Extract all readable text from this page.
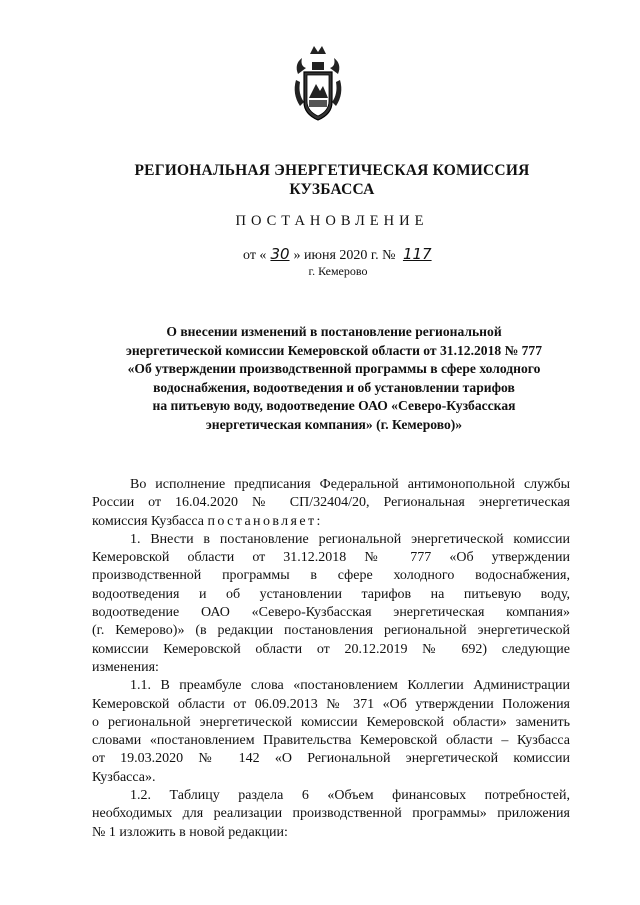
РЕГИОНАЛЬНАЯ ЭНЕРГЕТИЧЕСКАЯ КОМИССИЯ
КУЗБАССА
ПОСТАНОВЛЕНИЕ
от « 30 » июня 2020 г. № 117
г. Кемерово
О внесении изменений в постановление региональной
энергетической комиссии Кемеровской области от 31.12.2018 № 777
«Об утверждении производственной программы в сфере холодного
водоснабжения, водоотведения и об установлении тарифов
на питьевую воду, водоотведение ОАО «Северо-Кузбасская
энергетическая компания» (г. Кемерово)»

Во исполнение предписания Федеральной антимонопольной службы

России от 16.04.2020 № СП/32404/20, Региональная энергетическая

комиссия Кузбасса постановляет:

1. Внести в постановление региональной энергетической комиссии

Кемеровской области от 31.12.2018 № 777 «Об утверждении

производственной программы в сфере холодного водоснабжения,

водоотведения и об установлении тарифов на питьевую воду,

водоотведение ОАО «Северо-Кузбасская энергетическая компания»

(г. Кемерово)» (в редакции постановления региональной энергетической

комиссии Кемеровской области от 20.12.2019 № 692) следующие

изменения:

1.1. В преамбуле слова «постановлением Коллегии Администрации

Кемеровской области от 06.09.2013 № 371 «Об утверждении Положения

о региональной энергетической комиссии Кемеровской области» заменить

словами «постановлением Правительства Кемеровской области – Кузбасса

от 19.03.2020 № 142 «О Региональной энергетической комиссии

Кузбасса».

1.2. Таблицу раздела 6 «Объем финансовых потребностей,

необходимых для реализации производственной программы» приложения

№ 1 изложить в новой редакции:
